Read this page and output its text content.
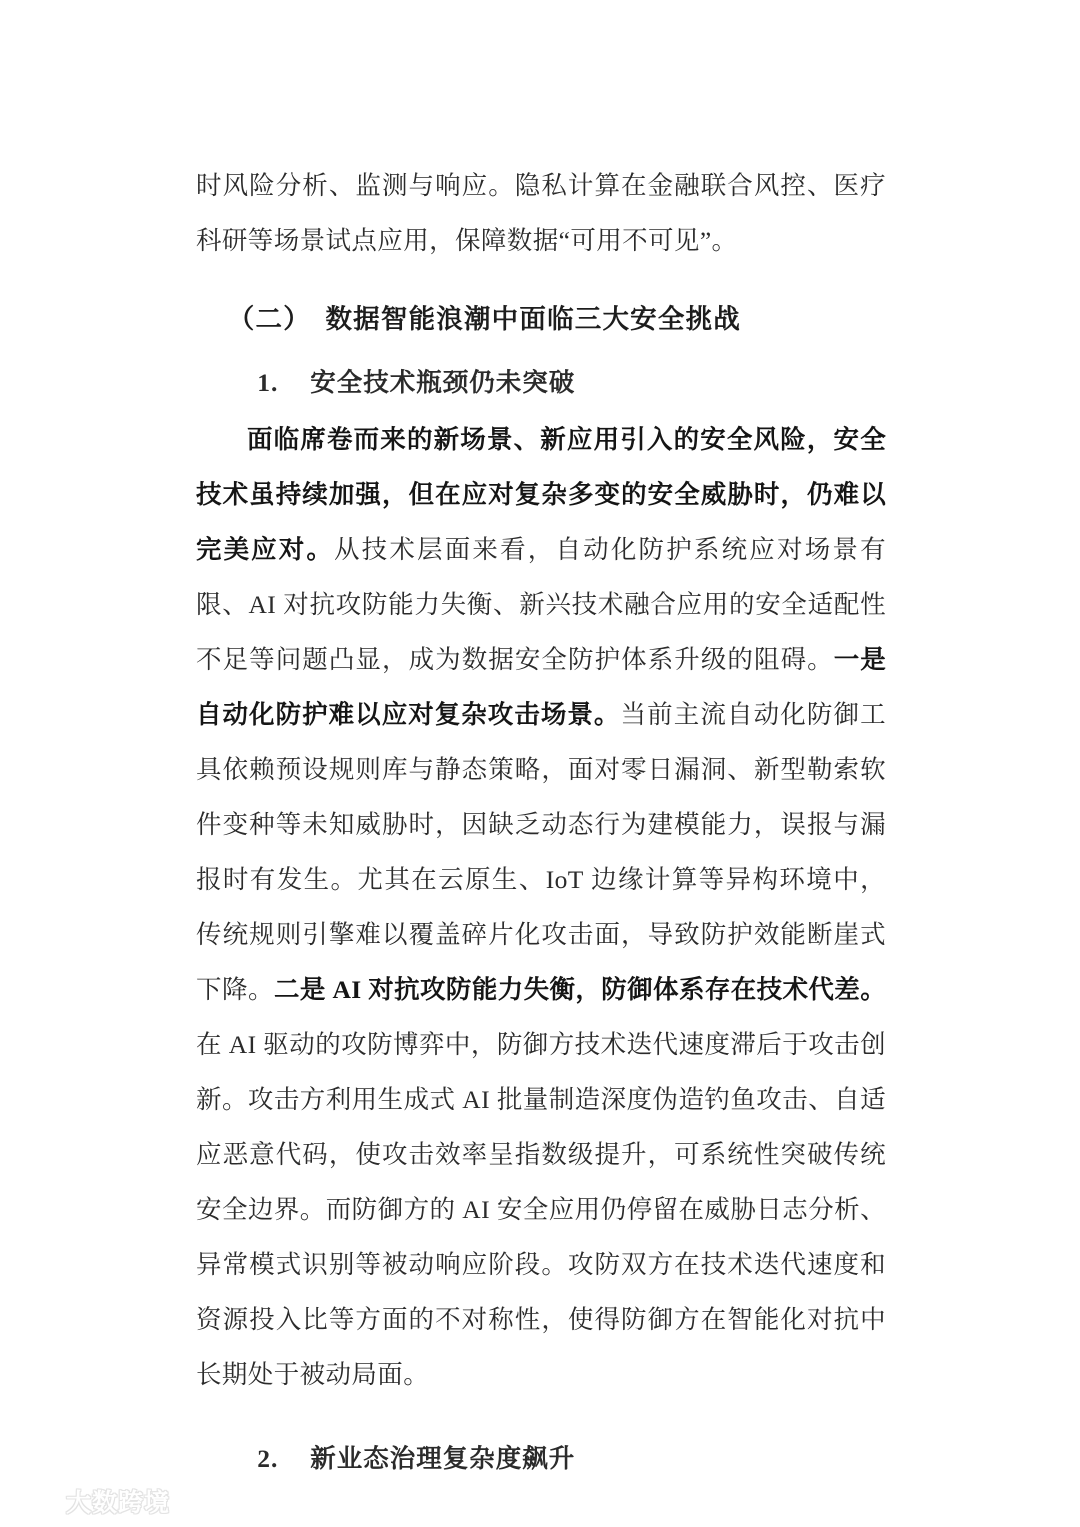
时风险分析、监测与响应。隐私计算在金融联合风控、医疗科研等场景试点应用，保障数据“可用不可见”。

（二） 数据智能浪潮中面临三大安全挑战
1. 安全技术瓶颈仍未突破

面临席卷而来的新场景、新应用引入的安全风险，安全技术虽持续加强，但在应对复杂多变的安全威胁时，仍难以完美应对。从技术层面来看，自动化防护系统应对场景有限、AI 对抗攻防能力失衡、新兴技术融合应用的安全适配性不足等问题凸显，成为数据安全防护体系升级的阻碍。一是自动化防护难以应对复杂攻击场景。当前主流自动化防御工具依赖预设规则库与静态策略，面对零日漏洞、新型勒索软件变种等未知威胁时，因缺乏动态行为建模能力，误报与漏报时有发生。尤其在云原生、IoT 边缘计算等异构环境中，传统规则引擎难以覆盖碎片化攻击面，导致防护效能断崖式下降。二是 AI 对抗攻防能力失衡，防御体系存在技术代差。在 AI 驱动的攻防博弈中，防御方技术迭代速度滞后于攻击创新。攻击方利用生成式 AI 批量制造深度伪造钓鱼攻击、自适应恶意代码，使攻击效率呈指数级提升，可系统性突破传统安全边界。而防御方的 AI 安全应用仍停留在威胁日志分析、异常模式识别等被动响应阶段。攻防双方在技术迭代速度和资源投入比等方面的不对称性，使得防御方在智能化对抗中长期处于被动局面。

2. 新业态治理复杂度飙升
大数跨境
